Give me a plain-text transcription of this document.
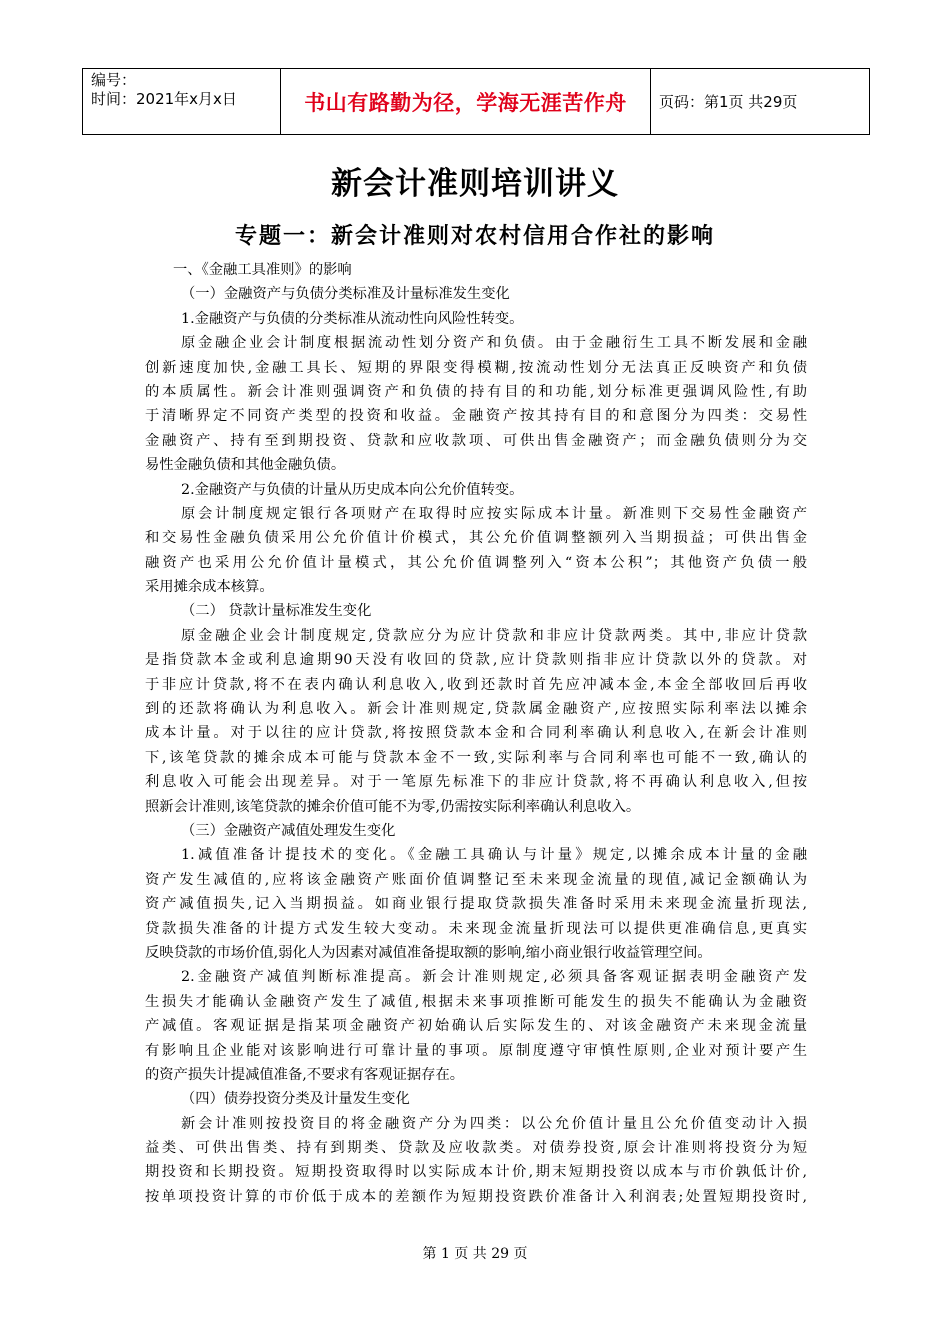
编号：
时间：2021年x月x日	书山有路勤为径，学海无涯苦作舟	页码：第1页 共29页
新会计准则培训讲义
专题一：新会计准则对农村信用合作社的影响
一、《金融工具准则》的影响
（一）金融资产与负债分类标准及计量标准发生变化
1.金融资产与负债的分类标准从流动性向风险性转变。
原金融企业会计制度根据流动性划分资产和负债。由于金融衍生工具不断发展和金融
创新速度加快,金融工具长、短期的界限变得模糊,按流动性划分无法真正反映资产和负债
的本质属性。新会计准则强调资产和负债的持有目的和功能,划分标准更强调风险性,有助
于清晰界定不同资产类型的投资和收益。金融资产按其持有目的和意图分为四类：交易性
金融资产、持有至到期投资、贷款和应收款项、可供出售金融资产；而金融负债则分为交
易性金融负债和其他金融负债。
2.金融资产与负债的计量从历史成本向公允价值转变。
原会计制度规定银行各项财产在取得时应按实际成本计量。新准则下交易性金融资产
和交易性金融负债采用公允价值计价模式，其公允价值调整额列入当期损益；可供出售金
融资产也采用公允价值计量模式，其公允价值调整列入“资本公积”；其他资产负债一般
采用摊余成本核算。
（二） 贷款计量标准发生变化
原金融企业会计制度规定,贷款应分为应计贷款和非应计贷款两类。其中,非应计贷款
是指贷款本金或利息逾期90天没有收回的贷款,应计贷款则指非应计贷款以外的贷款。对
于非应计贷款,将不在表内确认利息收入,收到还款时首先应冲减本金,本金全部收回后再收
到的还款将确认为利息收入。新会计准则规定,贷款属金融资产,应按照实际利率法以摊余
成本计量。对于以往的应计贷款,将按照贷款本金和合同利率确认利息收入,在新会计准则
下,该笔贷款的摊余成本可能与贷款本金不一致,实际利率与合同利率也可能不一致,确认的
利息收入可能会出现差异。对于一笔原先标准下的非应计贷款,将不再确认利息收入,但按
照新会计准则,该笔贷款的摊余价值可能不为零,仍需按实际利率确认利息收入。
（三）金融资产减值处理发生变化
1.减值准备计提技术的变化。《金融工具确认与计量》规定,以摊余成本计量的金融
资产发生减值的,应将该金融资产账面价值调整记至未来现金流量的现值,减记金额确认为
资产减值损失,记入当期损益。如商业银行提取贷款损失准备时采用未来现金流量折现法,
贷款损失准备的计提方式发生较大变动。未来现金流量折现法可以提供更准确信息,更真实
反映贷款的市场价值,弱化人为因素对减值准备提取额的影响,缩小商业银行收益管理空间。
2.金融资产减值判断标准提高。新会计准则规定,必须具备客观证据表明金融资产发
生损失才能确认金融资产发生了减值,根据未来事项推断可能发生的损失不能确认为金融资
产减值。客观证据是指某项金融资产初始确认后实际发生的、对该金融资产未来现金流量
有影响且企业能对该影响进行可靠计量的事项。原制度遵守审慎性原则,企业对预计要产生
的资产损失计提减值准备,不要求有客观证据存在。
（四）债券投资分类及计量发生变化
新会计准则按投资目的将金融资产分为四类：以公允价值计量且公允价值变动计入损
益类、可供出售类、持有到期类、贷款及应收款类。对债券投资,原会计准则将投资分为短
期投资和长期投资。短期投资取得时以实际成本计价,期末短期投资以成本与市价孰低计价,
按单项投资计算的市价低于成本的差额作为短期投资跌价准备计入利润表;处置短期投资时,
第 1 页 共 29 页
